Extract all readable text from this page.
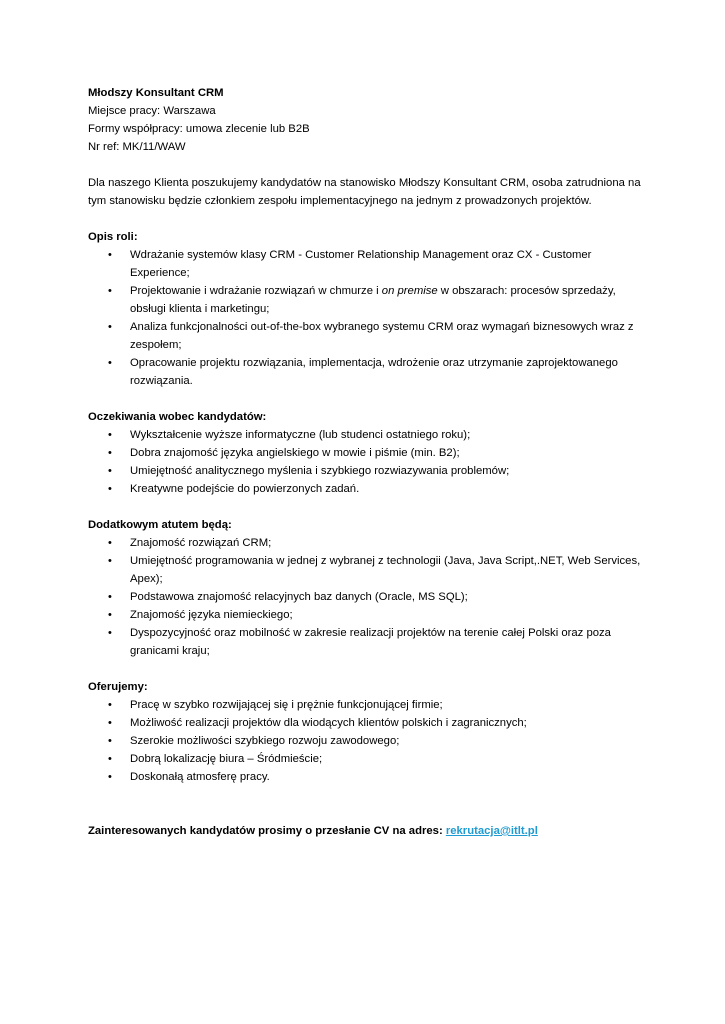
Młodszy Konsultant CRM

Miejsce pracy: Warszawa

Formy współpracy: umowa zlecenie lub B2B

Nr ref: MK/11/WAW

Dla naszego Klienta poszukujemy kandydatów na stanowisko Młodszy Konsultant CRM, osoba zatrudniona na tym stanowisku będzie członkiem zespołu implementacyjnego na jednym z prowadzonych projektów.

Opis roli:

• Wdrażanie systemów klasy CRM - Customer Relationship Management oraz CX - Customer Experience;
• Projektowanie i wdrażanie rozwiązań w chmurze i on premise w obszarach: procesów sprzedaży, obsługi klienta i marketingu;
• Analiza funkcjonalności out-of-the-box wybranego systemu CRM oraz wymagań biznesowych wraz z zespołem;
• Opracowanie projektu rozwiązania, implementacja, wdrożenie oraz utrzymanie zaprojektowanego rozwiązania.

Oczekiwania wobec kandydatów:

• Wykształcenie wyższe informatyczne (lub studenci ostatniego roku);
• Dobra znajomość języka angielskiego w mowie i piśmie (min. B2);
• Umiejętność analitycznego myślenia i szybkiego rozwiazywania problemów;
• Kreatywne podejście do powierzonych zadań.

Dodatkowym atutem będą:

• Znajomość rozwiązań CRM;
• Umiejętność programowania w jednej z wybranej z technologii (Java, Java Script,.NET, Web Services, Apex);
• Podstawowa znajomość relacyjnych baz danych (Oracle, MS SQL);
• Znajomość języka niemieckiego;
• Dyspozycyjność oraz mobilność w zakresie realizacji projektów na terenie całej Polski oraz poza granicami kraju;

Oferujemy:

• Pracę w szybko rozwijającej się i prężnie funkcjonującej firmie;
• Możliwość realizacji projektów dla wiodących klientów polskich i zagranicznych;
• Szerokie możliwości szybkiego rozwoju zawodowego;
• Dobrą lokalizację biura – Śródmieście;
• Doskonałą atmosferę pracy.

Zainteresowanych kandydatów prosimy o przesłanie CV na adres: rekrutacja@itlt.pl
